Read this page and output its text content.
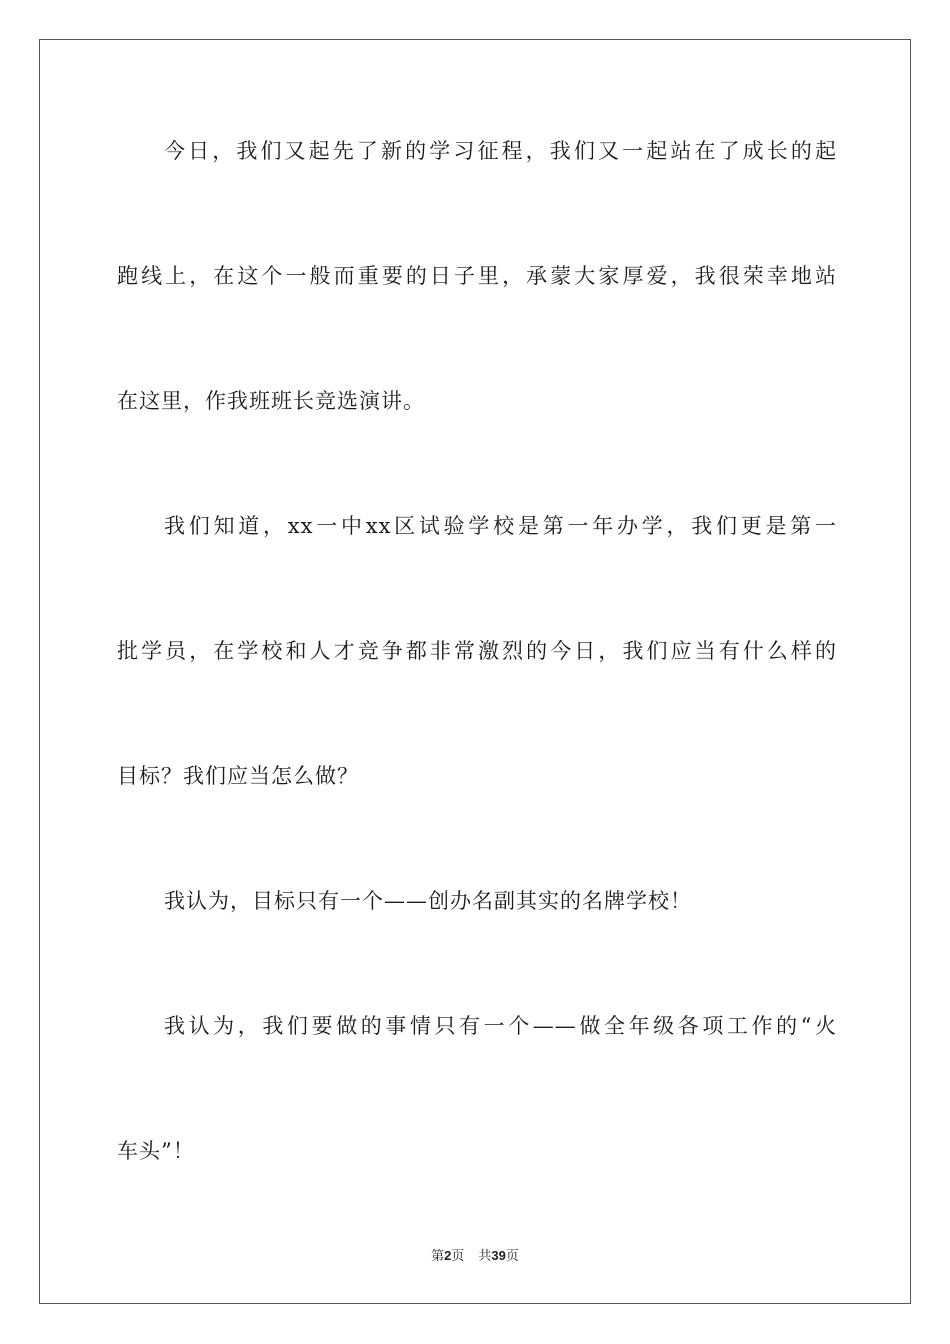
今日，我们又起先了新的学习征程，我们又一起站在了成长的起
跑线上，在这个一般而重要的日子里，承蒙大家厚爱，我很荣幸地站
在这里，作我班班长竞选演讲。
我们知道，xx一中xx区试验学校是第一年办学，我们更是第一
批学员，在学校和人才竞争都非常激烈的今日，我们应当有什么样的
目标？我们应当怎么做？
我认为，目标只有一个——创办名副其实的名牌学校！
我认为，我们要做的事情只有一个——做全年级各项工作的“火
车头”！
第2页 共39页
